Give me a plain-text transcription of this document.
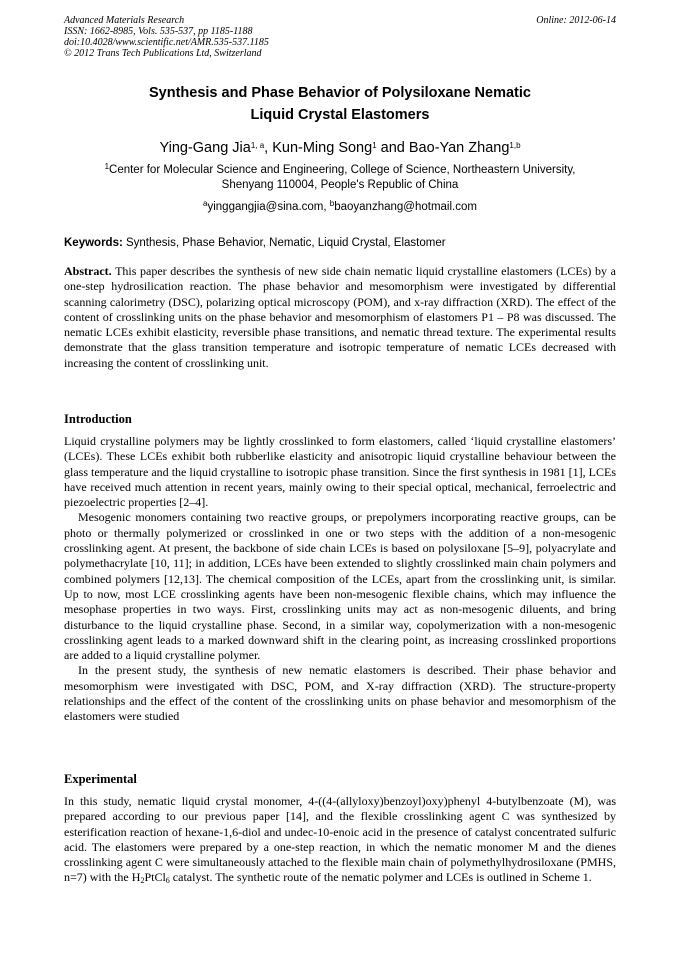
Advanced Materials Research
ISSN: 1662-8985, Vols. 535-537, pp 1185-1188
doi:10.4028/www.scientific.net/AMR.535-537.1185
© 2012 Trans Tech Publications Ltd, Switzerland
Online: 2012-06-14
Synthesis and Phase Behavior of Polysiloxane Nematic
Liquid Crystal Elastomers
Ying-Gang Jia$^{1, a}$, Kun-Ming Song$^1$ and Bao-Yan Zhang$^{1,b}$
$^1$Center for Molecular Science and Engineering, College of Science, Northeastern University,
Shenyang 110004, People's Republic of China
$^a$yinggangjia@sina.com, $^b$baoyanzhang@hotmail.com
Keywords: Synthesis, Phase Behavior, Nematic, Liquid Crystal, Elastomer

Abstract. This paper describes the synthesis of new side chain nematic liquid crystalline elastomers (LCEs) by a one-step hydrosilication reaction. The phase behavior and mesomorphism were investigated by differential scanning calorimetry (DSC), polarizing optical microscopy (POM), and x-ray diffraction (XRD). The effect of the content of crosslinking units on the phase behavior and mesomorphism of elastomers P1 – P8 was discussed. The nematic LCEs exhibit elasticity, reversible phase transitions, and nematic thread texture. The experimental results demonstrate that the glass transition temperature and isotropic temperature of nematic LCEs decreased with increasing the content of crosslinking unit.

Introduction

Liquid crystalline polymers may be lightly crosslinked to form elastomers, called ‘liquid crystalline elastomers’ (LCEs). These LCEs exhibit both rubberlike elasticity and anisotropic liquid crystalline behaviour between the glass temperature and the liquid crystalline to isotropic phase transition. Since the first synthesis in 1981 [1], LCEs have received much attention in recent years, mainly owing to their special optical, mechanical, ferroelectric and piezoelectric properties [2–4].

Mesogenic monomers containing two reactive groups, or prepolymers incorporating reactive groups, can be photo or thermally polymerized or crosslinked in one or two steps with the addition of a non-mesogenic crosslinking agent. At present, the backbone of side chain LCEs is based on polysiloxane [5–9], polyacrylate and polymethacrylate [10, 11]; in addition, LCEs have been extended to slightly crosslinked main chain polymers and combined polymers [12,13]. The chemical composition of the LCEs, apart from the crosslinking unit, is similar. Up to now, most LCE crosslinking agents have been non-mesogenic flexible chains, which may influence the mesophase properties in two ways. First, crosslinking units may act as non-mesogenic diluents, and bring disturbance to the liquid crystalline phase. Second, in a similar way, copolymerization with a non-mesogenic crosslinking agent leads to a marked downward shift in the clearing point, as increasing crosslinked proportions are added to a liquid crystalline polymer.

In the present study, the synthesis of new nematic elastomers is described. Their phase behavior and mesomorphism were investigated with DSC, POM, and X-ray diffraction (XRD). The structure-property relationships and the effect of the content of the crosslinking units on phase behavior and mesomorphism of the elastomers were studied

Experimental

In this study, nematic liquid crystal monomer, 4-((4-(allyloxy)benzoyl)oxy)phenyl 4-butylbenzoate (M), was prepared according to our previous paper [14], and the flexible crosslinking agent C was synthesized by esterification reaction of hexane-1,6-diol and undec-10-enoic acid in the presence of catalyst concentrated sulfuric acid. The elastomers were prepared by a one-step reaction, in which the nematic monomer M and the dienes crosslinking agent C were simultaneously attached to the flexible main chain of polymethylhydrosiloxane (PMHS, n=7) with the $H_2PtCl_6$ catalyst. The synthetic route of the nematic polymer and LCEs is outlined in Scheme 1.
